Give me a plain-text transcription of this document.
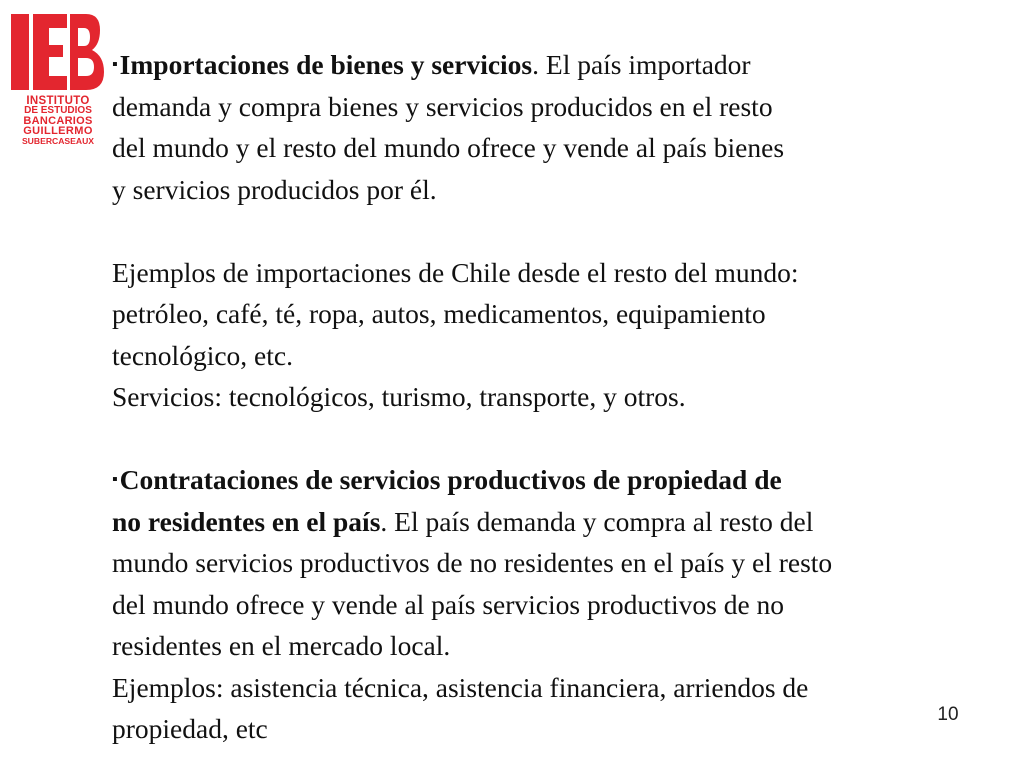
INSTITUTO
DE ESTUDIOS
BANCARIOS
GUILLERMO
SUBERCASEAUX
▪Importaciones de bienes y servicios. El país importador
demanda y compra bienes y servicios producidos en el resto
del mundo y el resto del mundo ofrece y vende al país bienes
y servicios producidos por él.
Ejemplos de importaciones de Chile desde el resto del mundo:
petróleo, café, té, ropa, autos, medicamentos, equipamiento
tecnológico, etc.
Servicios: tecnológicos, turismo, transporte, y otros.
▪Contrataciones de servicios productivos de propiedad de
no residentes en el país. El país demanda y compra al resto del
mundo servicios productivos de no residentes en el país y el resto
del mundo ofrece y vende al país servicios productivos de no
residentes en el mercado local.
Ejemplos: asistencia técnica, asistencia financiera, arriendos de
propiedad, etc	10
